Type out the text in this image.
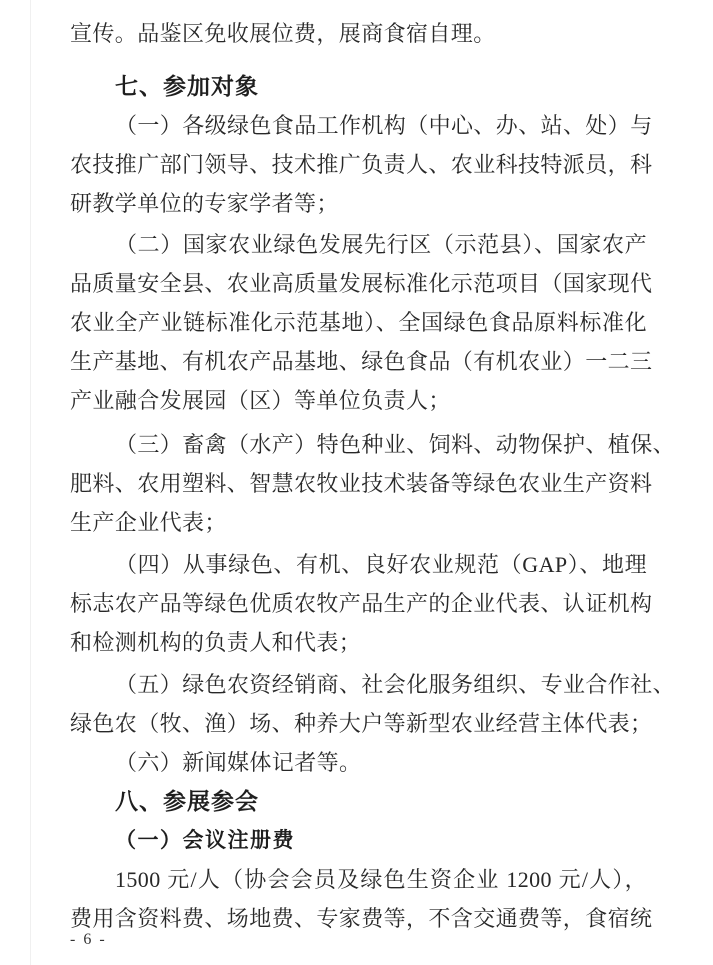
宣传。品鉴区免收展位费，展商食宿自理。

七、参加对象

（一）各级绿色食品工作机构（中心、办、站、处）与

农技推广部门领导、技术推广负责人、农业科技特派员，科

研教学单位的专家学者等；

（二）国家农业绿色发展先行区（示范县）、国家农产

品质量安全县、农业高质量发展标准化示范项目（国家现代

农业全产业链标准化示范基地）、全国绿色食品原料标准化

生产基地、有机农产品基地、绿色食品（有机农业）一二三

产业融合发展园（区）等单位负责人；

（三）畜禽（水产）特色种业、饲料、动物保护、植保、

肥料、农用塑料、智慧农牧业技术装备等绿色农业生产资料

生产企业代表；

（四）从事绿色、有机、良好农业规范（GAP）、地理

标志农产品等绿色优质农牧产品生产的企业代表、认证机构

和检测机构的负责人和代表；

（五）绿色农资经销商、社会化服务组织、专业合作社、

绿色农（牧、渔）场、种养大户等新型农业经营主体代表；

（六）新闻媒体记者等。

八、参展参会

（一）会议注册费

1500 元/人（协会会员及绿色生资企业 1200 元/人），

费用含资料费、场地费、专家费等，不含交通费等，食宿统

- 6 -
